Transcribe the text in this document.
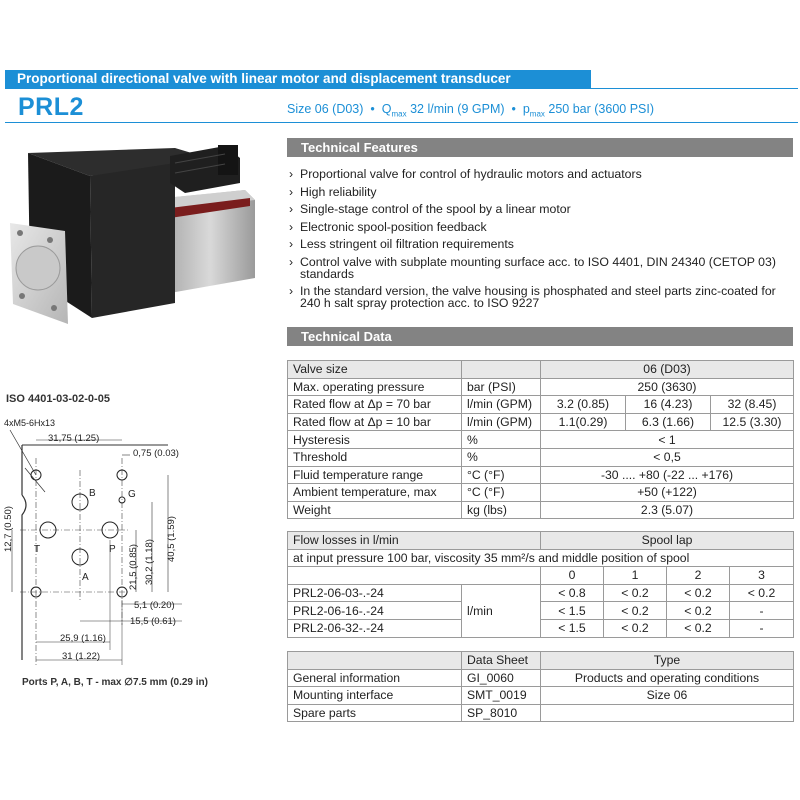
Proportional directional valve with linear motor and displacement transducer
PRL2	Size 06 (D03) • $Q_{max}$ 32 l/min (9 GPM) • $p_{max}$ 250 bar (3600 PSI)
Technical Features
› Proportional valve for control of hydraulic motors and actuators
› High reliability
› Single-stage control of the spool by a linear motor
› Electronic spool-position feedback
› Less stringent oil filtration requirements
› Control valve with subplate mounting surface acc. to ISO 4401, DIN 24340 (CETOP 03) standards
› In the standard version, the valve housing is phosphated and steel parts zinc-coated for 240 h salt spray protection acc. to ISO 9227
Technical Data
Valve size		06 (D03)		
Max. operating pressure	bar (PSI)	250 (3630)		
Rated flow at Δp = 70 bar	l/min (GPM)	3.2 (0.85)	16 (4.23)	32 (8.45)
Rated flow at Δp = 10 bar	l/min (GPM)	1.1(0.29)	6.3 (1.66)	12.5 (3.30)
Hysteresis	%	< 1		
Threshold	%	< 0,5		
Fluid temperature range	°C (°F)	-30 .... +80 (-22 ... +176)		
Ambient temperature, max	°C (°F)	+50 (+122)		
Weight	kg (lbs)	2.3 (5.07)		
Flow losses in l/min		Spool lap			
at input pressure 100 bar, viscosity 35 mm²/s and middle position of spool					
		0	1	2	3
PRL2-06-03-.-24	l/min	< 0.8	< 0.2	< 0.2	< 0.2
PRL2-06-16-.-24		< 1.5	< 0.2	< 0.2	-
PRL2-06-32-.-24		< 1.5	< 0.2	< 0.2	-
	Data Sheet	Type
General information	GI_0060	Products and operating conditions
Mounting interface	SMT_0019	Size 06
Spare parts	SP_8010	
ISO 4401-03-02-0-05
B
T	P
A
G
4xM5-6Hx13
31,75 (1.25)
0,75 (0.03)
12,7 (0.50)
21,5 (0.85) 30,2 (1.18)
40,5 (1.59)
5,1 (0.20)
15,5 (0.61)
25,9 (1.16)
31 (1.22)
Ports P, A, B, T - max ∅7.5 mm (0.29 in)
